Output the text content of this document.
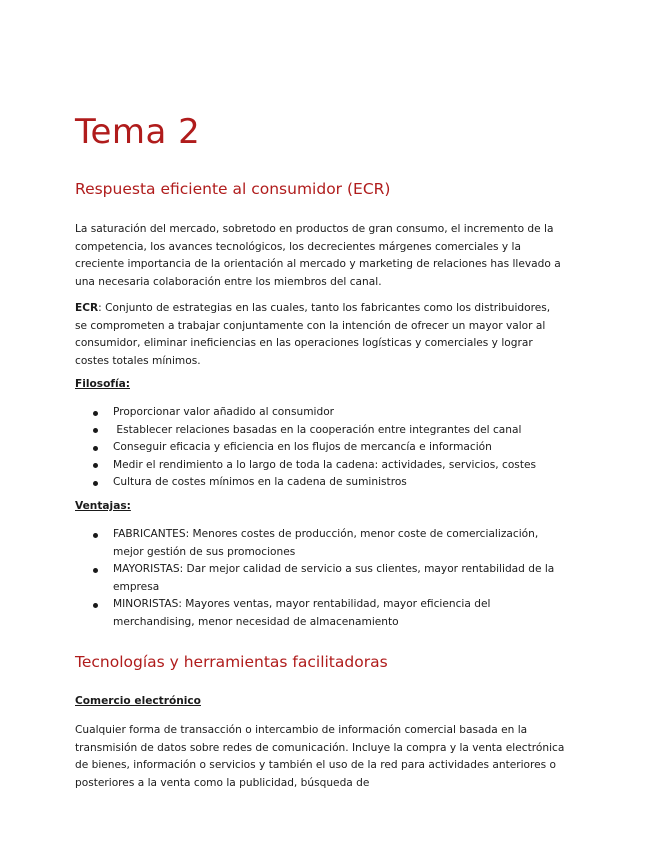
Tema 2
Respuesta eficiente al consumidor (ECR)

La saturación del mercado, sobretodo en productos de gran consumo, el incremento de la competencia, los avances tecnológicos, los decrecientes márgenes comerciales y la creciente importancia de la orientación al mercado y marketing de relaciones has llevado a una necesaria colaboración entre los miembros del canal.

ECR: Conjunto de estrategias en las cuales, tanto los fabricantes como los distribuidores, se comprometen a trabajar conjuntamente con la intención de ofrecer un mayor valor al consumidor, eliminar ineficiencias en las operaciones logísticas y comerciales y lograr costes totales mínimos.

Filosofía:

Proporcionar valor añadido al consumidor
Establecer relaciones basadas en la cooperación entre integrantes del canal
Conseguir eficacia y eficiencia en los flujos de mercancía e información
Medir el rendimiento a lo largo de toda la cadena: actividades, servicios, costes
Cultura de costes mínimos en la cadena de suministros

Ventajas:

FABRICANTES: Menores costes de producción, menor coste de comercialización, mejor gestión de sus promociones
MAYORISTAS: Dar mejor calidad de servicio a sus clientes, mayor rentabilidad de la empresa
MINORISTAS: Mayores ventas, mayor rentabilidad, mayor eficiencia del merchandising, menor necesidad de almacenamiento
Tecnologías y herramientas facilitadoras

Comercio electrónico

Cualquier forma de transacción o intercambio de información comercial basada en la transmisión de datos sobre redes de comunicación. Incluye la compra y la venta electrónica de bienes, información o servicios y también el uso de la red para actividades anteriores o posteriores a la venta como la publicidad, búsqueda de
